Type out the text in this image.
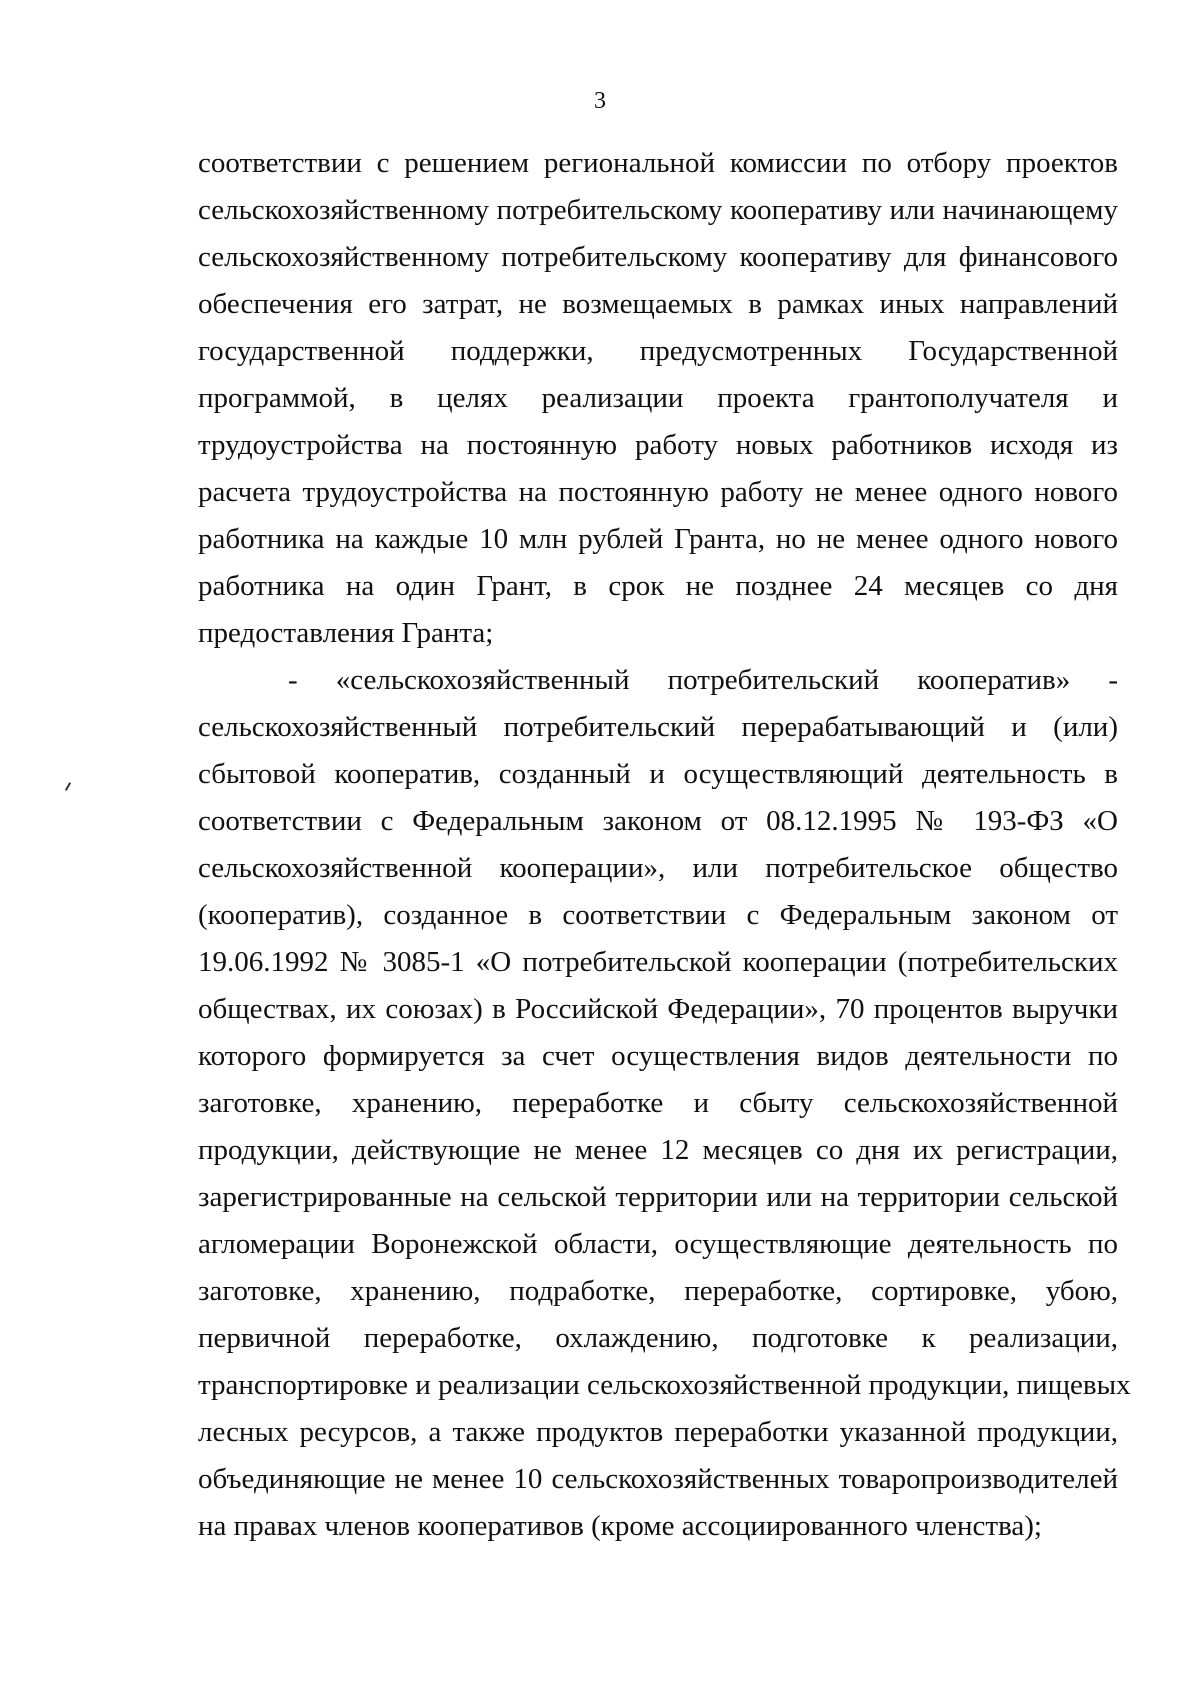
3
соответствии с решением региональной комиссии по отбору проектов
сельскохозяйственному потребительскому кооперативу или начинающему
сельскохозяйственному потребительскому кооперативу для финансового
обеспечения его затрат, не возмещаемых в рамках иных направлений
государственной поддержки, предусмотренных Государственной
программой, в целях реализации проекта грантополучателя и
трудоустройства на постоянную работу новых работников исходя из
расчета трудоустройства на постоянную работу не менее одного нового
работника на каждые 10 млн рублей Гранта, но не менее одного нового
работника на один Грант, в срок не позднее 24 месяцев со дня
предоставления Гранта;
- «сельскохозяйственный потребительский кооператив» -
сельскохозяйственный потребительский перерабатывающий и (или)
сбытовой кооператив, созданный и осуществляющий деятельность в
соответствии с Федеральным законом от 08.12.1995 № 193-ФЗ «О
сельскохозяйственной кооперации», или потребительское общество
(кооператив), созданное в соответствии с Федеральным законом от
19.06.1992 № 3085-1 «О потребительской кооперации (потребительских
обществах, их союзах) в Российской Федерации», 70 процентов выручки
которого формируется за счет осуществления видов деятельности по
заготовке, хранению, переработке и сбыту сельскохозяйственной
продукции, действующие не менее 12 месяцев со дня их регистрации,
зарегистрированные на сельской территории или на территории сельской
агломерации Воронежской области, осуществляющие деятельность по
заготовке, хранению, подработке, переработке, сортировке, убою,
первичной переработке, охлаждению, подготовке к реализации,
транспортировке и реализации сельскохозяйственной продукции, пищевых
лесных ресурсов, а также продуктов переработки указанной продукции,
объединяющие не менее 10 сельскохозяйственных товаропроизводителей
на правах членов кооперативов (кроме ассоциированного членства);
